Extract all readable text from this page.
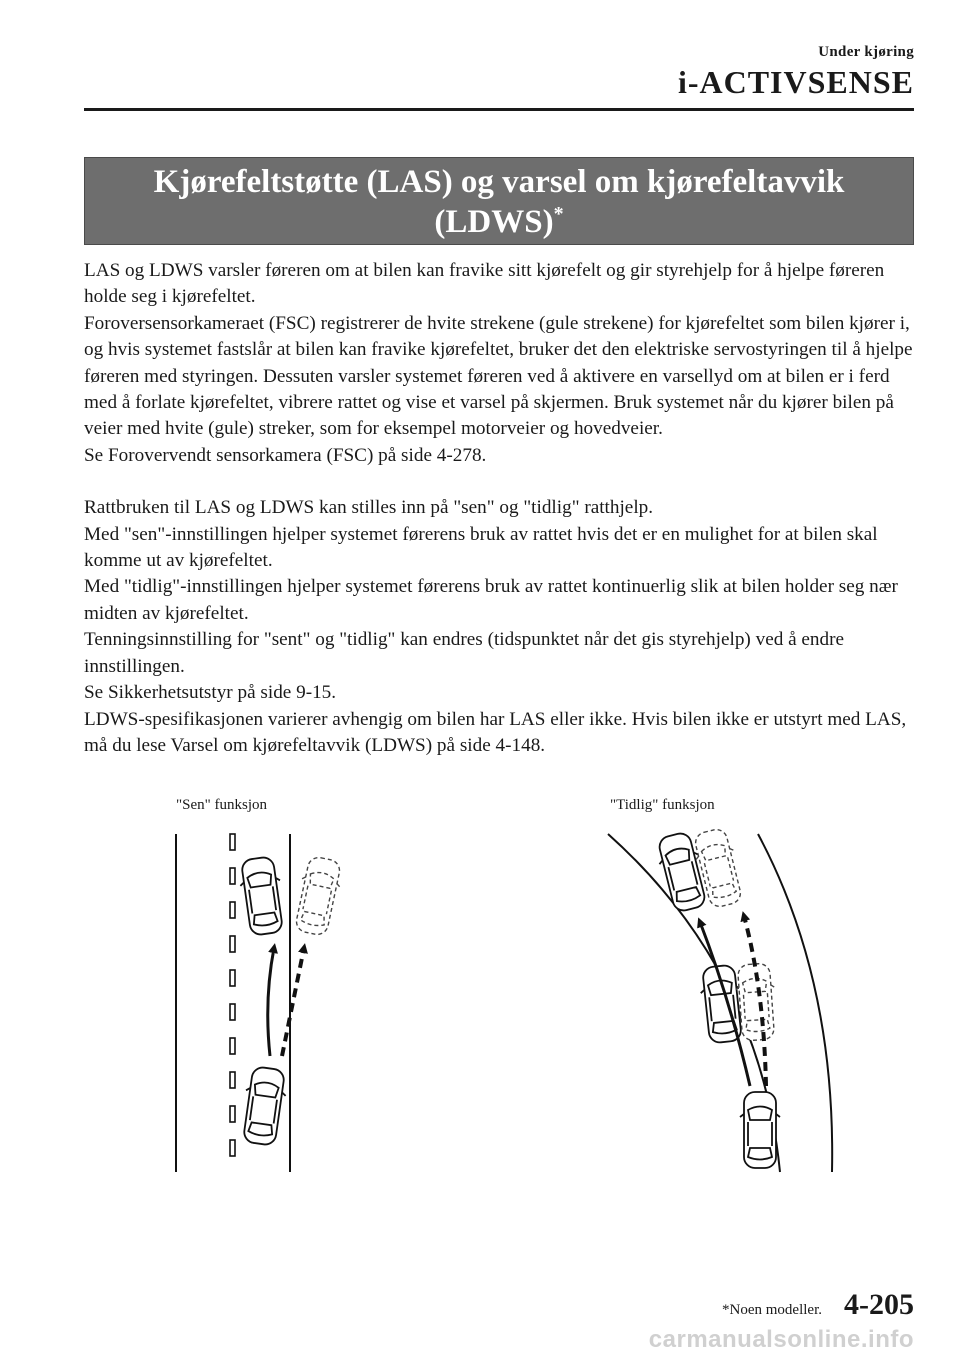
Under kjøring
i-ACTIVSENSE
Kjørefeltstøtte (LAS) og varsel om kjørefeltavvik
(LDWS)*

LAS og LDWS varsler føreren om at bilen kan fravike sitt kjørefelt og gir styrehjelp for å hjelpe føreren holde seg i kjørefeltet.

Foroversensorkameraet (FSC) registrerer de hvite strekene (gule strekene) for kjørefeltet som bilen kjører i, og hvis systemet fastslår at bilen kan fravike kjørefeltet, bruker det den elektriske servostyringen til å hjelpe føreren med styringen. Dessuten varsler systemet føreren ved å aktivere en varsellyd om at bilen er i ferd med å forlate kjørefeltet, vibrere rattet og vise et varsel på skjermen. Bruk systemet når du kjører bilen på veier med hvite (gule) streker, som for eksempel motorveier og hovedveier.

Se Forovervendt sensorkamera (FSC) på side 4-278.

Rattbruken til LAS og LDWS kan stilles inn på "sen" og "tidlig" ratthjelp.

Med "sen"-innstillingen hjelper systemet førerens bruk av rattet hvis det er en mulighet for at bilen skal komme ut av kjørefeltet.

Med "tidlig"-innstillingen hjelper systemet førerens bruk av rattet kontinuerlig slik at bilen holder seg nær midten av kjørefeltet.

Tenningsinnstilling for "sent" og "tidlig" kan endres (tidspunktet når det gis styrehjelp) ved å endre innstillingen.

Se Sikkerhetsutstyr på side 9-15.

LDWS-spesifikasjonen varierer avhengig om bilen har LAS eller ikke. Hvis bilen ikke er utstyrt med LAS, må du lese Varsel om kjørefeltavvik (LDWS) på side 4-148.

"Sen" funksjon	"Tidlig" funksjon
*Noen modeller. 4-205
carmanualsonline.info
